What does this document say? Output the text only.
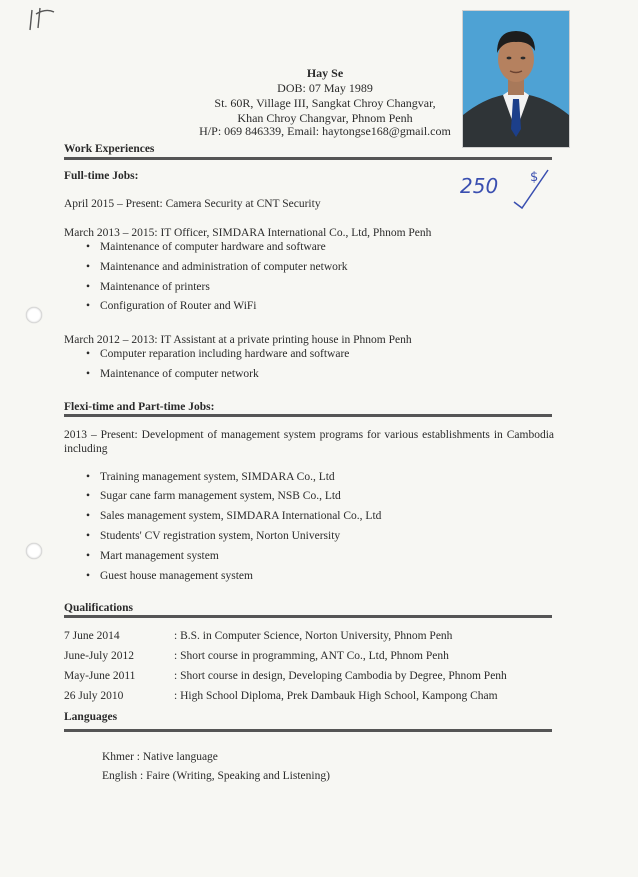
Hay Se
DOB: 07 May 1989
St. 60R, Village III, Sangkat Chroy Changvar,
Khan Chroy Changvar, Phnom Penh
H/P: 069 846339, Email: haytongse168@gmail.com
Work Experiences
Full-time Jobs:	250 $
April 2015 – Present: Camera Security at CNT Security
March 2013 – 2015: IT Officer, SIMDARA International Co., Ltd, Phnom Penh
• Maintenance of computer hardware and software
• Maintenance and administration of computer network
• Maintenance of printers
• Configuration of Router and WiFi
March 2012 – 2013: IT Assistant at a private printing house in Phnom Penh
• Computer reparation including hardware and software
• Maintenance of computer network
Flexi-time and Part-time Jobs:
2013 – Present: Development of management system programs for various establishments in Cambodia including
• Training management system, SIMDARA Co., Ltd
• Sugar cane farm management system, NSB Co., Ltd
• Sales management system, SIMDARA International Co., Ltd
• Students' CV registration system, Norton University
• Mart management system
• Guest house management system
Qualifications
7 June 2014	: B.S. in Computer Science, Norton University, Phnom Penh
June-July 2012	: Short course in programming, ANT Co., Ltd, Phnom Penh
May-June 2011	: Short course in design, Developing Cambodia by Degree, Phnom Penh
26 July 2010	: High School Diploma, Prek Dambauk High School, Kampong Cham
Languages
Khmer : Native language
English : Faire (Writing, Speaking and Listening)
